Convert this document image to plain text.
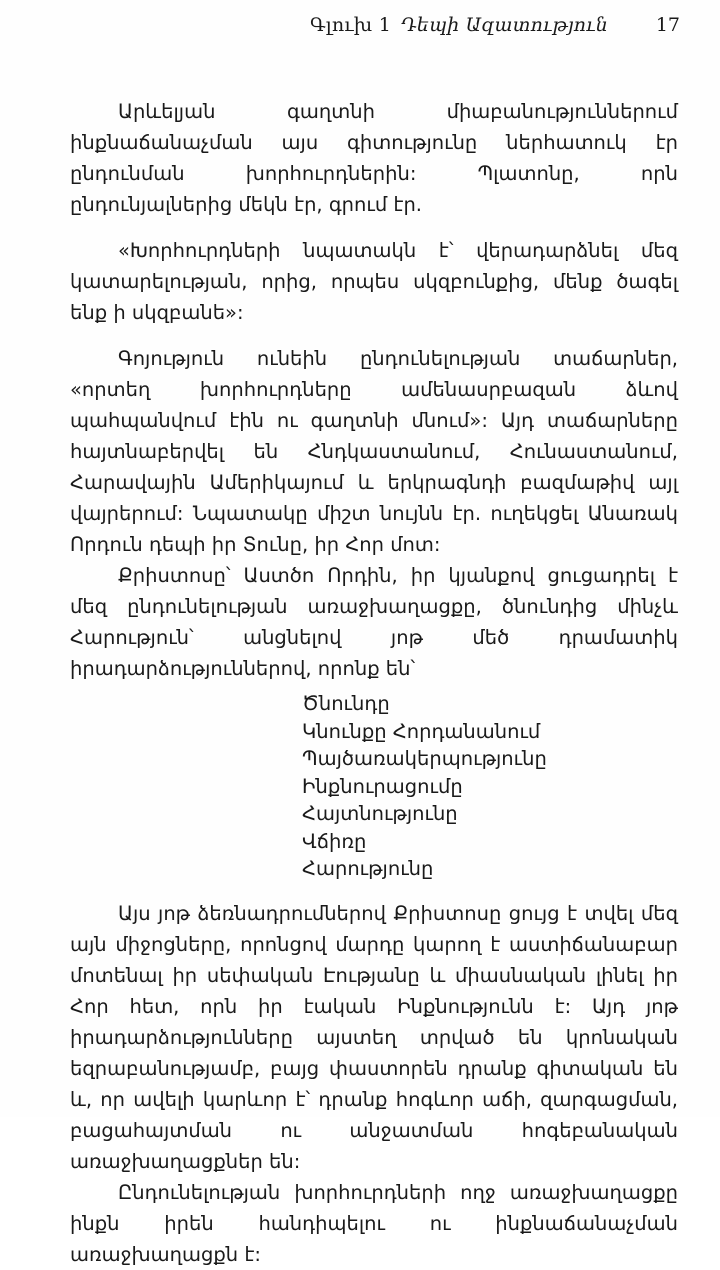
Գլուխ 1 Դեպի Ազատություն	17

Արևելյան գաղտնի միաբանություններում ինքնաճանաչման այս գիտությունը ներհատուկ էր ընդունման խորհուրդներին: Պլատոնը, որն ընդունյալներից մեկն էր, գրում էր.

«Խորհուրդների նպատակն է՝ վերադարձնել մեզ կատարելության, որից, որպես սկզբունքից, մենք ծագել ենք ի սկզբանե»:

Գոյություն ունեին ընդունելության տաճարներ, «որտեղ խորհուրդները ամենասրբազան ձևով պահպանվում էին ու գաղտնի մնում»: Այդ տաճարները հայտնաբերվել են Հնդկաստանում, Հունաստանում, Հարավային Ամերիկայում և երկրագնդի բազմաթիվ այլ վայրերում: Նպատակը միշտ նույնն էր. ուղեկցել Անառակ Որդուն դեպի իր Տունը, իր Հոր մոտ:

Քրիստոսը՝ Աստծո Որդին, իր կյանքով ցուցադրել է մեզ ընդունելության առաջխաղացքը, ծնունդից մինչև Հարություն՝ անցնելով յոթ մեծ դրամատիկ իրադարձություններով, որոնք են՝

Ծնունդը
Կնունքը Հորդանանում
Պայծառակերպությունը
Ինքնուրացումը
Հայտնությունը
Վճիռը
Հարությունը

Այս յոթ ձեռնադրումներով Քրիստոսը ցույց է տվել մեզ այն միջոցները, որոնցով մարդը կարող է աստիճանաբար մոտենալ իր սեփական Էությանը և միասնական լինել իր Հոր հետ, որն իր էական Ինքնությունն է: Այդ յոթ իրադարձությունները այստեղ տրված են կրոնական եզրաբանությամբ, բայց փաստորեն դրանք գիտական են և, որ ավելի կարևոր է՝ դրանք հոգևոր աճի, զարգացման, բացահայտման ու անջատման հոգեբանական առաջխաղացքներ են:

Ընդունելության խորհուրդների ողջ առաջխաղացքը ինքն իրեն հանդիպելու ու ինքնաճանաչման առաջխաղացքն է:
